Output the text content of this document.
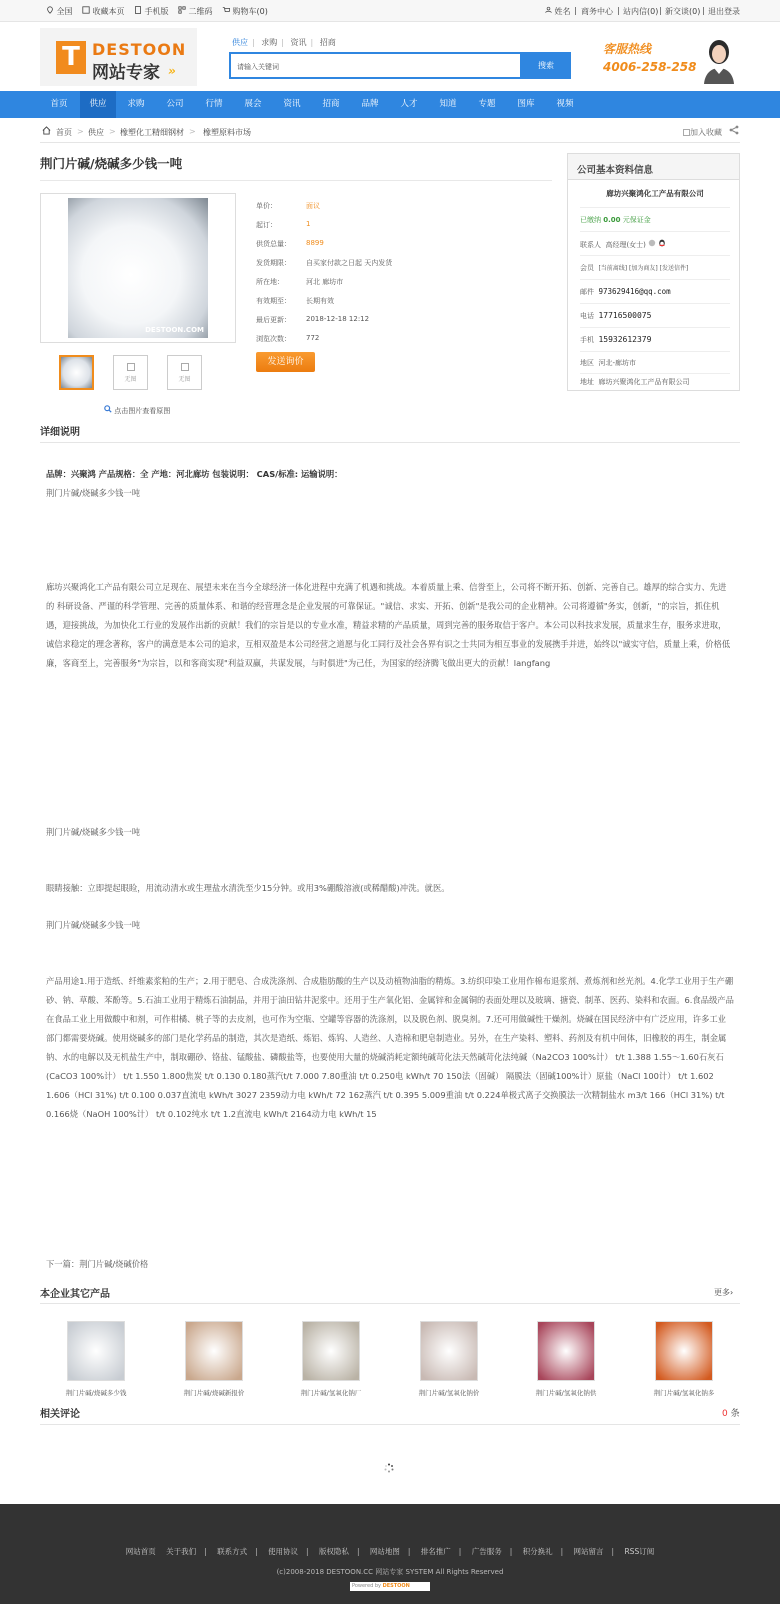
全国	收藏本页	手机版	二维码	购物车(0)	姓名 | 商务中心 | 站内信(0) | 新交谈(0) | 退出登录
T DESTOON
网站专家 »
供应 | 求购 | 资讯 | 招商
请输入关键词	搜索
客服热线
4006-258-258
首页	供应	求购	公司	行情	展会	资讯	招商	品牌	人才	知道	专题	图库	视频
首页 > 供应 > 橡塑化工精细钢材 > 橡塑原料市场	加入收藏
荆门片碱/烧碱多少钱一吨
DESTOON.COM
无图	无图
点击图片查看原图
单价：	面议
起订：	1
供货总量：	8899
发货期限：	自买家付款之日起 天内发货
所在地：	河北 廊坊市
有效期至：	长期有效
最后更新：	2018-12-18 12:12
浏览次数：	772
发送询价
公司基本资料信息
廊坊兴聚鸿化工产品有限公司
已缴纳 0.00 元保证金
联系人 高经理(女士)
会员 [当前离线] [加为商友] [发送信件]
邮件 973629416@qq.com
电话 17716500075
手机 15932612379
地区 河北-廊坊市
地址 廊坊兴聚鸿化工产品有限公司
详细说明
品牌：兴聚鸿 产品规格：全 产地：河北廊坊 包装说明： CAS/标准: 运输说明：
荆门片碱/烧碱多少钱一吨
廊坊兴聚鸿化工产品有限公司立足现在、展望未来在当今全球经济一体化进程中充满了机遇和挑战。本着质量上乘、信誉至上，公司将不断开拓、创新、完善自己。雄厚的综合实力、先进的 科研设备、严谨的科学管理、完善的质量体系、和谐的经营理念是企业发展的可靠保证。"诚信、求实、开拓、创新"是我公司的企业精神。公司将遵循"务实，创新，"的宗旨，抓住机遇，迎接挑战，为加快化工行业的发展作出新的贡献！我们的宗旨是以的专业水准，精益求精的产品质量，周到完善的服务取信于客户。本公司以科技求发展，质量求生存，服务求进取，诚信求稳定的理念著称，客户的满意是本公司的追求，互相双盈是本公司经营之道愿与化工同行及社会各界有识之士共同为相互事业的发展携手并进，始终以"诚实守信，质量上乘，价格低廉，客商至上，完善服务"为宗旨，以和客商实现"利益双赢，共谋发展，与时俱进"为己任，为国家的经济腾飞做出更大的贡献！langfang
荆门片碱/烧碱多少钱一吨
眼睛接触：立即提起眼睑，用流动清水或生理盐水清洗至少15分钟。或用3%硼酸溶液(或稀醋酸)冲洗。就医。
荆门片碱/烧碱多少钱一吨
产品用途1.用于造纸、纤维素浆粕的生产；2.用于肥皂、合成洗涤剂、合成脂肪酸的生产以及动植物油脂的精炼。3.纺织印染工业用作棉布退浆剂、煮炼剂和丝光剂。4.化学工业用于生产硼砂、钠、草酸、苯酚等。5.石油工业用于精炼石油制品，并用于油田钻井泥浆中。还用于生产氧化铝、金属锌和金属铜的表面处理以及玻璃、搪瓷、制革、医药、染料和农面。6.食品级产品在食品工业上用做酸中和剂，可作柑橘、桃子等的去皮剂，也可作为空瓶、空罐等容器的洗涤剂，以及脱色剂、脱臭剂。7.还可用做碱性干燥剂。烧碱在国民经济中有广泛应用，许多工业部门都需要烧碱。使用烧碱多的部门是化学药品的制造，其次是造纸、炼铝、炼钨、人造丝、人造棉和肥皂制造业。另外，在生产染料、塑料、药剂及有机中间体，旧橡胶的再生，制金属钠、水的电解以及无机盐生产中，制取硼砂、铬盐、锰酸盐、磷酸盐等，也要使用大量的烧碱消耗定额纯碱苛化法天然碱苛化法纯碱（Na2CO3 100%计） t/t 1.388 1.55～1.60石灰石(CaCO3 100%计） t/t 1.550 1.800焦炭 t/t 0.130 0.180蒸汽t/t 7.000 7.80重油 t/t 0.250电 kWh/t 70 150法（固碱） 隔膜法（固碱100%计）原盐（NaCl 100计） t/t 1.602 1.606（HCl 31%) t/t 0.100 0.037直流电 kWh/t 3027 2359动力电 kWh/t 72 162蒸汽 t/t 0.395 5.009重油 t/t 0.224单极式离子交换膜法一次精制盐水 m3/t 166（HCl 31%) t/t 0.166烧（NaOH 100%计） t/t 0.102纯水 t/t 1.2直流电 kWh/t 2164动力电 kWh/t 15
下一篇：荆门片碱/烧碱价格
本企业其它产品	更多›
荆门片碱/烧碱多少钱	荆门片碱/烧碱新报价	荆门片碱/氢氧化钠厂	荆门片碱/氢氧化钠价	荆门片碱/氢氧化钠供	荆门片碱/氢氧化钠多
相关评论	0 条
网站首页 关于我们 | 联系方式 | 使用协议 | 版权隐私 | 网站地图 | 排名推广 | 广告服务 | 积分换礼 | 网站留言 | RSS订阅
(c)2008-2018 DESTOON.CC 网站专家 SYSTEM All Rights Reserved
Powered by DESTOON
